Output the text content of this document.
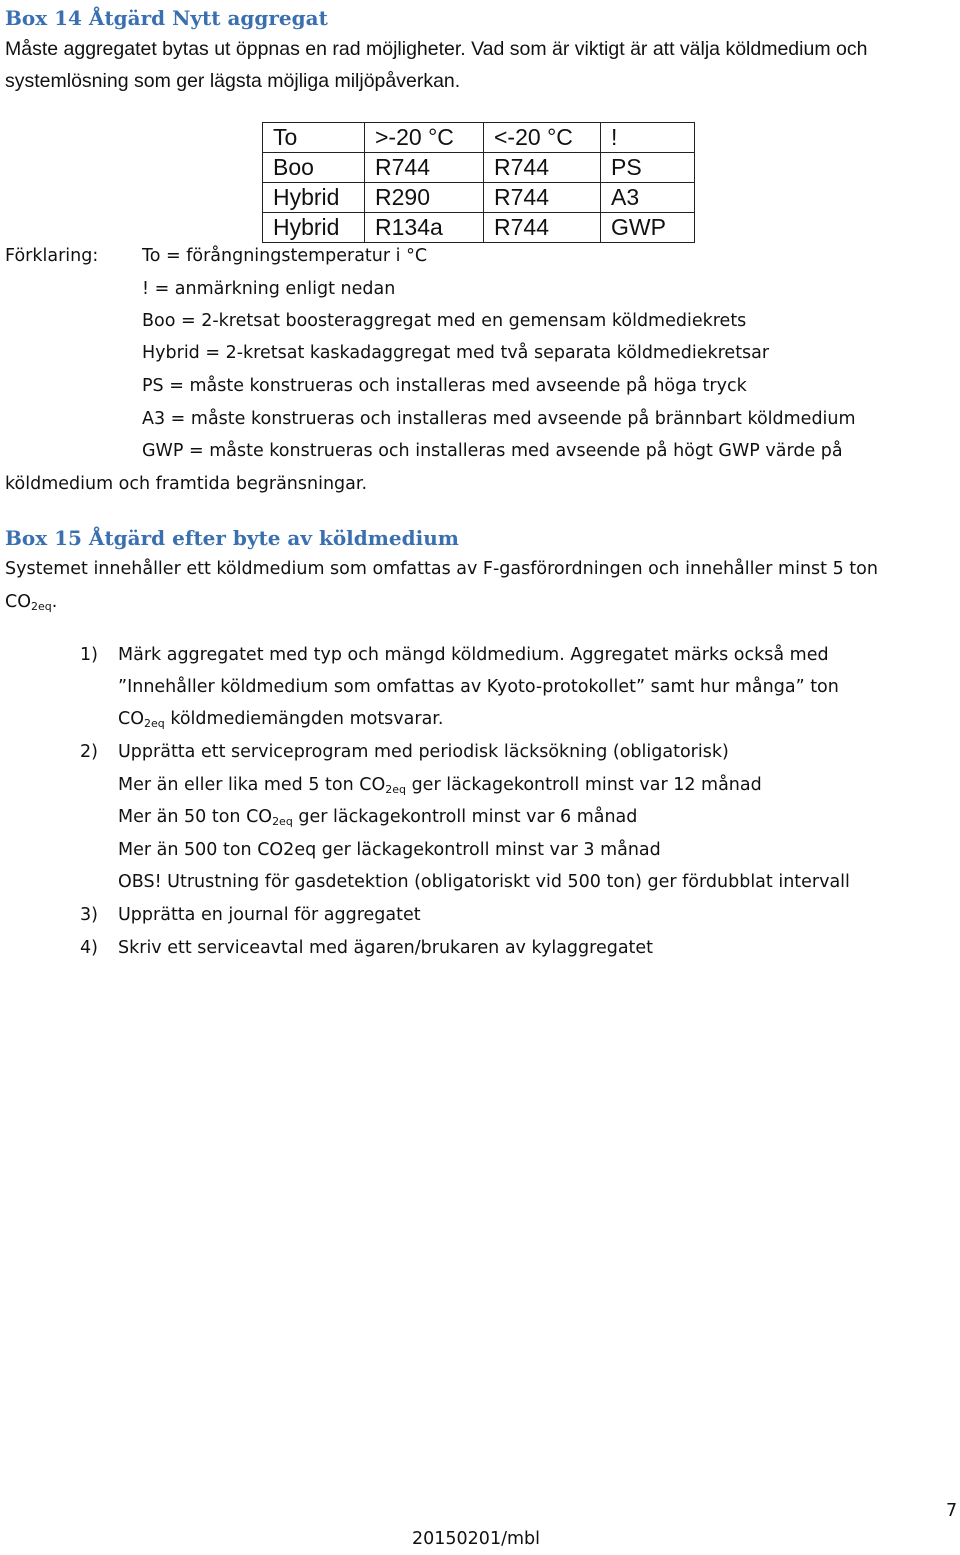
Box 14 Åtgärd Nytt aggregat
Måste aggregatet bytas ut öppnas en rad möjligheter. Vad som är viktigt är att välja köldmedium och
systemlösning som ger lägsta möjliga miljöpåverkan.
To	>-20 °C	<-20 °C	!
Boo	R744	R744	PS
Hybrid	R290	R744	A3
Hybrid	R134a	R744	GWP
Förklaring:	To = förångningstemperatur i °C
! = anmärkning enligt nedan
Boo = 2-kretsat boosteraggregat med en gemensam köldmediekrets
Hybrid = 2-kretsat kaskadaggregat med två separata köldmediekretsar
PS = måste konstrueras och installeras med avseende på höga tryck
A3 = måste konstrueras och installeras med avseende på brännbart köldmedium
GWP = måste konstrueras och installeras med avseende på högt GWP värde på
köldmedium och framtida begränsningar.
Box 15 Åtgärd efter byte av köldmedium
Systemet innehåller ett köldmedium som omfattas av F-gasförordningen och innehåller minst 5 ton
$CO_{2eq}$.
1) Märk aggregatet med typ och mängd köldmedium. Aggregatet märks också med
”Innehåller köldmedium som omfattas av Kyoto-protokollet” samt hur många” ton
$CO_{2eq}$ köldmediemängden motsvarar.
2) Upprätta ett serviceprogram med periodisk läcksökning (obligatorisk)
Mer än eller lika med 5 ton $CO_{2eq}$ ger läckagekontroll minst var 12 månad
Mer än 50 ton $CO_{2eq}$ ger läckagekontroll minst var 6 månad
Mer än 500 ton CO2eq ger läckagekontroll minst var 3 månad
OBS! Utrustning för gasdetektion (obligatoriskt vid 500 ton) ger fördubblat intervall
3) Upprätta en journal för aggregatet
4) Skriv ett serviceavtal med ägaren/brukaren av kylaggregatet
7
20150201/mbl
